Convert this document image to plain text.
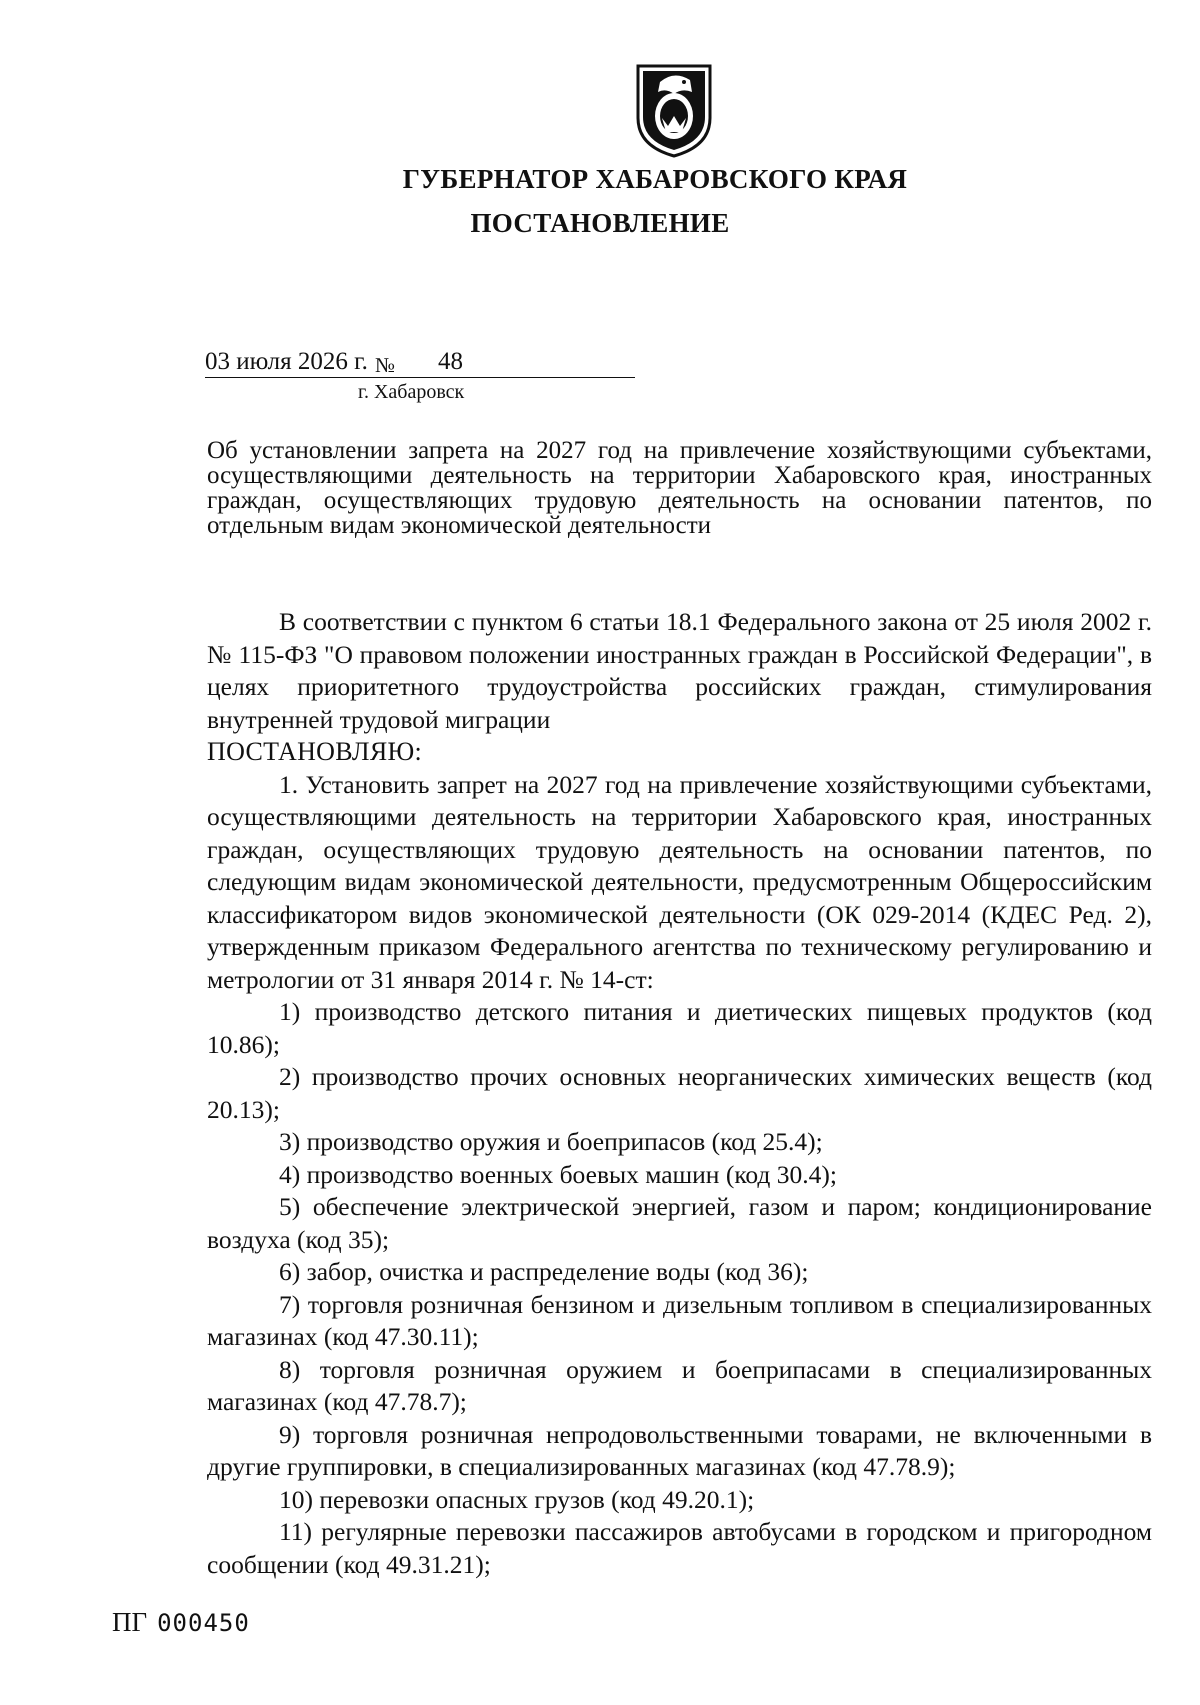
ГУБЕРНАТОР ХАБАРОВСКОГО КРАЯ
ПОСТАНОВЛЕНИЕ
03 июля 2026 г. № 48
г. Хабаровск
Об установлении запрета на 2027 год на привлечение хозяйствующими субъектами, осуществляющими деятельность на территории Хабаровского края, иностранных граждан, осуществляющих трудовую деятельность на основании патентов, по отдельным видам экономической деятельности

В соответствии с пунктом 6 статьи 18.1 Федерального закона от 25 июля 2002 г. № 115-ФЗ "О правовом положении иностранных граждан в Российской Федерации", в целях приоритетного трудоустройства российских граждан, стимулирования внутренней трудовой миграции

ПОСТАНОВЛЯЮ:

1. Установить запрет на 2027 год на привлечение хозяйствующими субъектами, осуществляющими деятельность на территории Хабаровского края, иностранных граждан, осуществляющих трудовую деятельность на основании патентов, по следующим видам экономической деятельности, предусмотренным Общероссийским классификатором видов экономической деятельности (ОК 029-2014 (КДЕС Ред. 2), утвержденным приказом Федерального агентства по техническому регулированию и метрологии от 31 января 2014 г. № 14-ст:

1) производство детского питания и диетических пищевых продуктов (код 10.86);

2) производство прочих основных неорганических химических веществ (код 20.13);

3) производство оружия и боеприпасов (код 25.4);

4) производство военных боевых машин (код 30.4);

5) обеспечение электрической энергией, газом и паром; кондиционирование воздуха (код 35);

6) забор, очистка и распределение воды (код 36);

7) торговля розничная бензином и дизельным топливом в специализированных магазинах (код 47.30.11);

8) торговля розничная оружием и боеприпасами в специализированных магазинах (код 47.78.7);

9) торговля розничная непродовольственными товарами, не включенными в другие группировки, в специализированных магазинах (код 47.78.9);

10) перевозки опасных грузов (код 49.20.1);

11) регулярные перевозки пассажиров автобусами в городском и пригородном сообщении (код 49.31.21);

ПГ 000450
